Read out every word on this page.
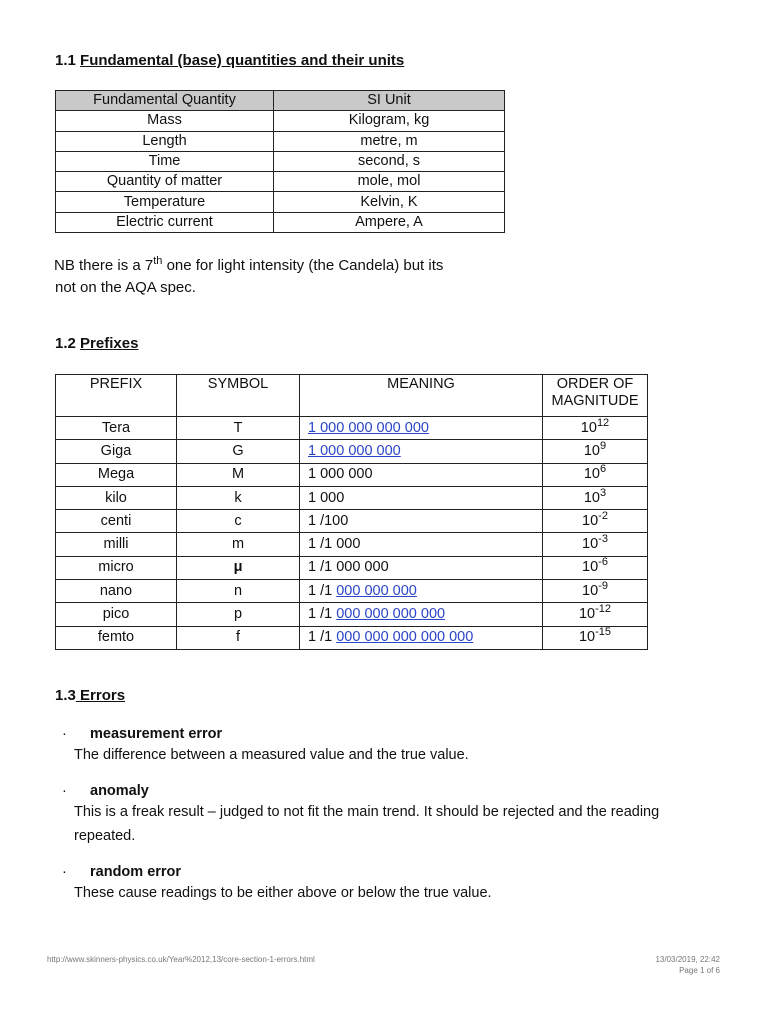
1.1 Fundamental (base) quantities and their units
Fundamental Quantity	SI Unit
Mass	Kilogram, kg
Length	metre, m
Time	second, s
Quantity of matter	mole, mol
Temperature	Kelvin, K
Electric current	Ampere, A
NB there is a 7th one for light intensity (the Candela) but its
not on the AQA spec.
1.2 Prefixes
PREFIX	SYMBOL	MEANING	ORDER OF
MAGNITUDE

Tera	T	1 000 000 000 000	$10^{12}$
Giga	G	1 000 000 000	$10^9$
Mega	M	1 000 000	$10^6$
kilo	k	1 000	$10^3$
centi	c	1 /100	$10^{-2}$
milli	m	1 /1 000	$10^{-3}$
micro	μ	1 /1 000 000	$10^{-6}$
nano	n	1 /1 000 000 000	$10^{-9}$
pico	p	1 /1 000 000 000 000	$10^{-12}$
femto	f	1 /1 000 000 000 000 000	$10^{-15}$
1.3 Errors
· measurement error
The difference between a measured value and the true value.
· anomaly
This is a freak result – judged to not fit the main trend. It should be rejected and the reading repeated.
· random error
These cause readings to be either above or below the true value.
http://www.skinners-physics.co.uk/Year%2012,13/core-section-1-errors.html	13/03/2019, 22:42
Page 1 of 6
